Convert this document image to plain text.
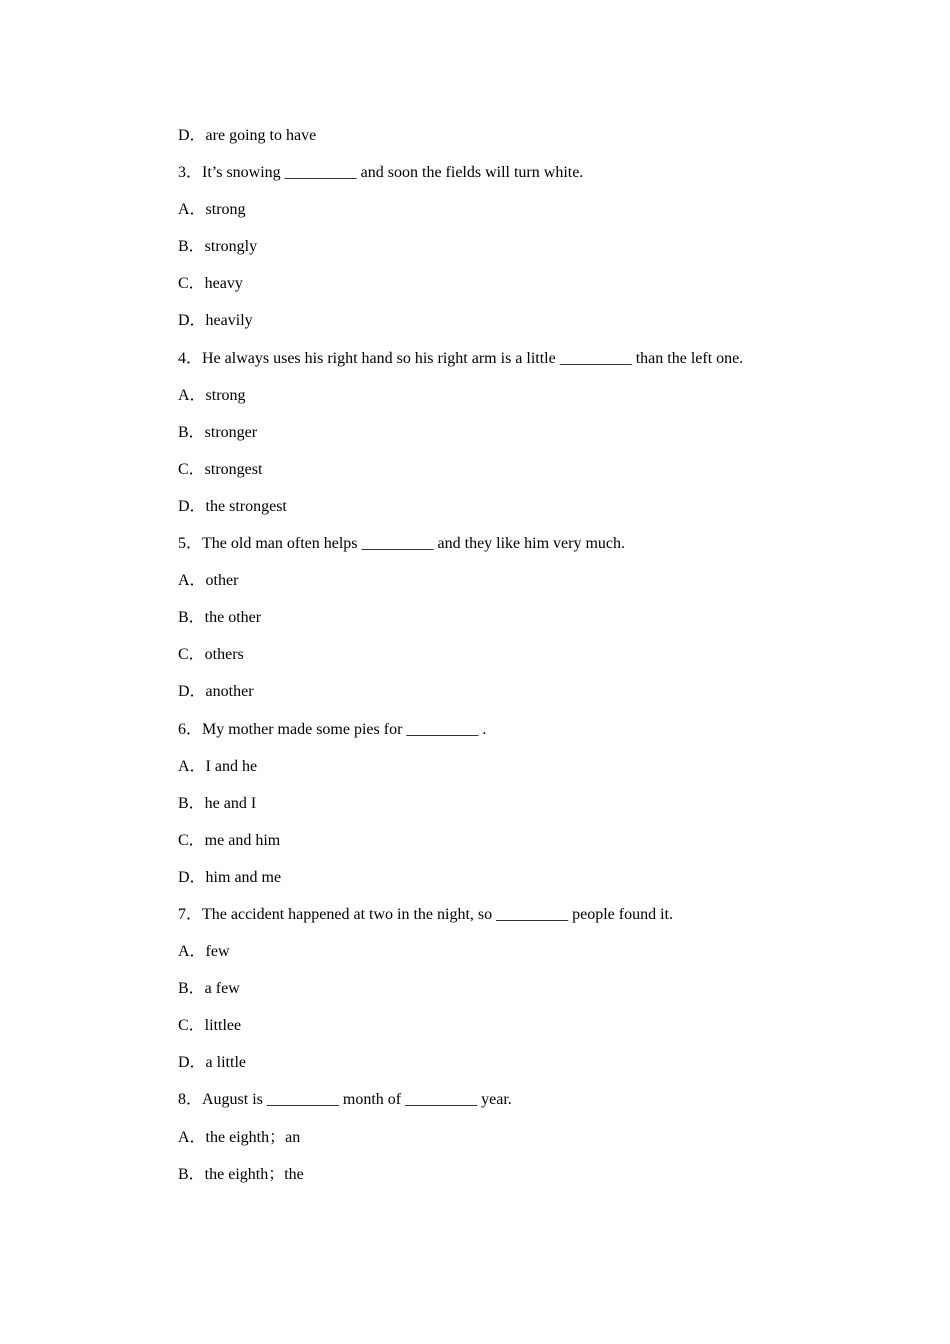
D．are going to have
3．It’s snowing _________ and soon the fields will turn white.
A．strong
B．strongly
C．heavy
D．heavily
4．He always uses his right hand so his right arm is a little _________ than the left one.
A．strong
B．stronger
C．strongest
D．the strongest
5．The old man often helps _________ and they like him very much.
A．other
B．the other
C．others
D．another
6．My mother made some pies for _________ .
A．I and he
B．he and I
C．me and him
D．him and me
7．The accident happened at two in the night, so _________ people found it.
A．few
B．a few
C．littlee
D．a little
8．August is _________ month of _________ year.
A．the eighth；an
B．the eighth；the
